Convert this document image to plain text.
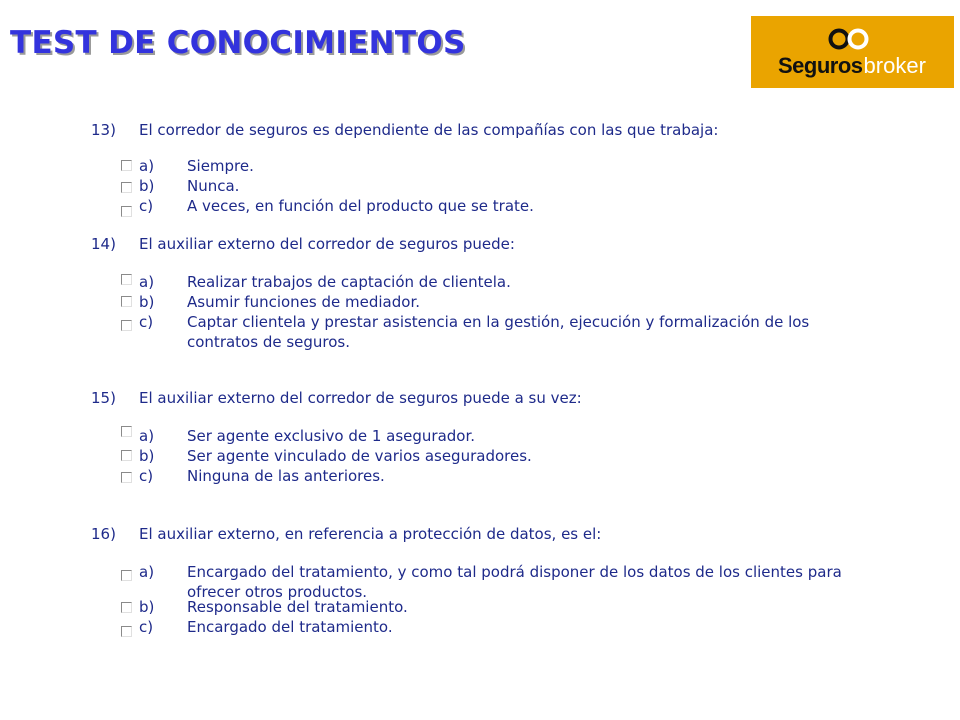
TEST DE CONOCIMIENTOS
Segurosbroker
13) El corredor de seguros es dependiente de las compañías con las que trabaja:
a) Siempre.
b) Nunca.
c) A veces, en función del producto que se trate.
14) El auxiliar externo del corredor de seguros puede:
a) Realizar trabajos de captación de clientela.
b) Asumir funciones de mediador.
c) Captar clientela y prestar asistencia en la gestión, ejecución y formalización de los
contratos de seguros.
15) El auxiliar externo del corredor de seguros puede a su vez:
a) Ser agente exclusivo de 1 asegurador.
b) Ser agente vinculado de varios aseguradores.
c) Ninguna de las anteriores.
16) El auxiliar externo, en referencia a protección de datos, es el:
a) Encargado del tratamiento, y como tal podrá disponer de los datos de los clientes para
ofrecer otros productos.
b) Responsable del tratamiento.
c) Encargado del tratamiento.
